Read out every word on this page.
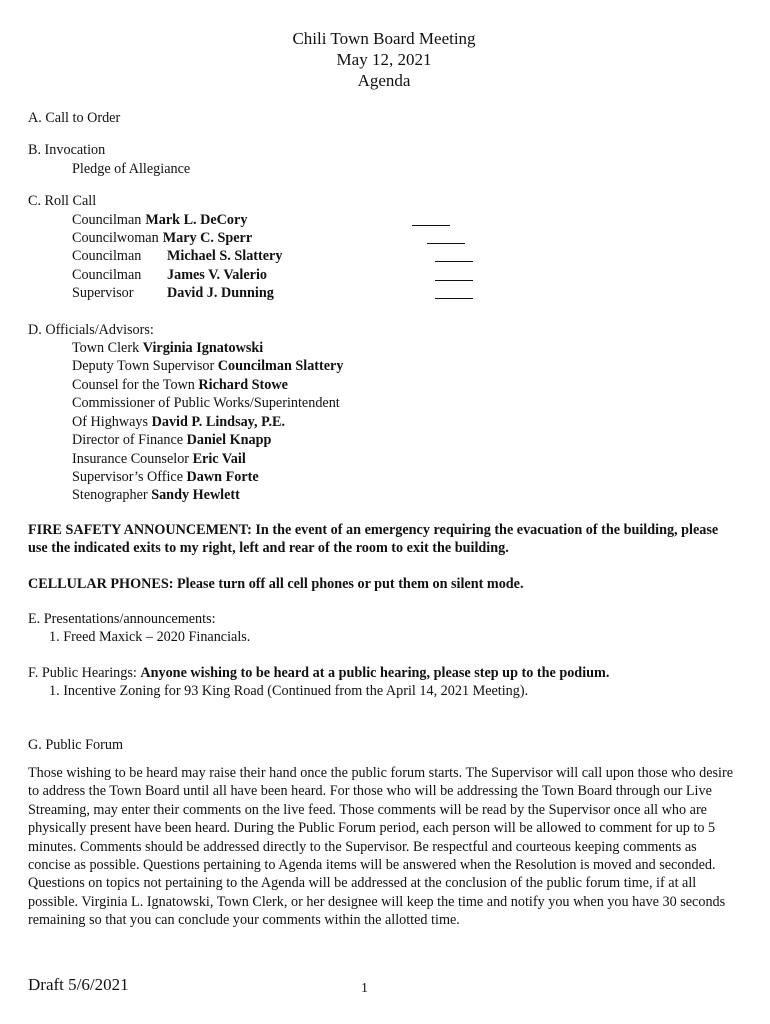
Chili Town Board Meeting
May 12, 2021
Agenda
A. Call to Order
B. Invocation
Pledge of Allegiance
C. Roll Call
Councilman Mark L. DeCory
Councilwoman Mary C. Sperr
Councilman	Michael S. Slattery
Councilman	James V. Valerio
Supervisor	David J. Dunning
D. Officials/Advisors:
Town Clerk Virginia Ignatowski
Deputy Town Supervisor Councilman Slattery
Counsel for the Town Richard Stowe
Commissioner of Public Works/Superintendent
Of Highways David P. Lindsay, P.E.
Director of Finance Daniel Knapp
Insurance Counselor Eric Vail
Supervisor’s Office Dawn Forte
Stenographer Sandy Hewlett
FIRE SAFETY ANNOUNCEMENT: In the event of an emergency requiring the evacuation of the building, please use the indicated exits to my right, left and rear of the room to exit the building.
CELLULAR PHONES: Please turn off all cell phones or put them on silent mode.
E. Presentations/announcements:
1. Freed Maxick – 2020 Financials.
F. Public Hearings: Anyone wishing to be heard at a public hearing, please step up to the podium.
1. Incentive Zoning for 93 King Road (Continued from the April 14, 2021 Meeting).
G. Public Forum
Those wishing to be heard may raise their hand once the public forum starts. The Supervisor will call upon those who desire to address the Town Board until all have been heard. For those who will be addressing the Town Board through our Live Streaming, may enter their comments on the live feed. Those comments will be read by the Supervisor once all who are physically present have been heard. During the Public Forum period, each person will be allowed to comment for up to 5 minutes. Comments should be addressed directly to the Supervisor. Be respectful and courteous keeping comments as concise as possible. Questions pertaining to Agenda items will be answered when the Resolution is moved and seconded. Questions on topics not pertaining to the Agenda will be addressed at the conclusion of the public forum time, if at all possible. Virginia L. Ignatowski, Town Clerk, or her designee will keep the time and notify you when you have 30 seconds remaining so that you can conclude your comments within the allotted time.
Draft 5/6/2021	1
